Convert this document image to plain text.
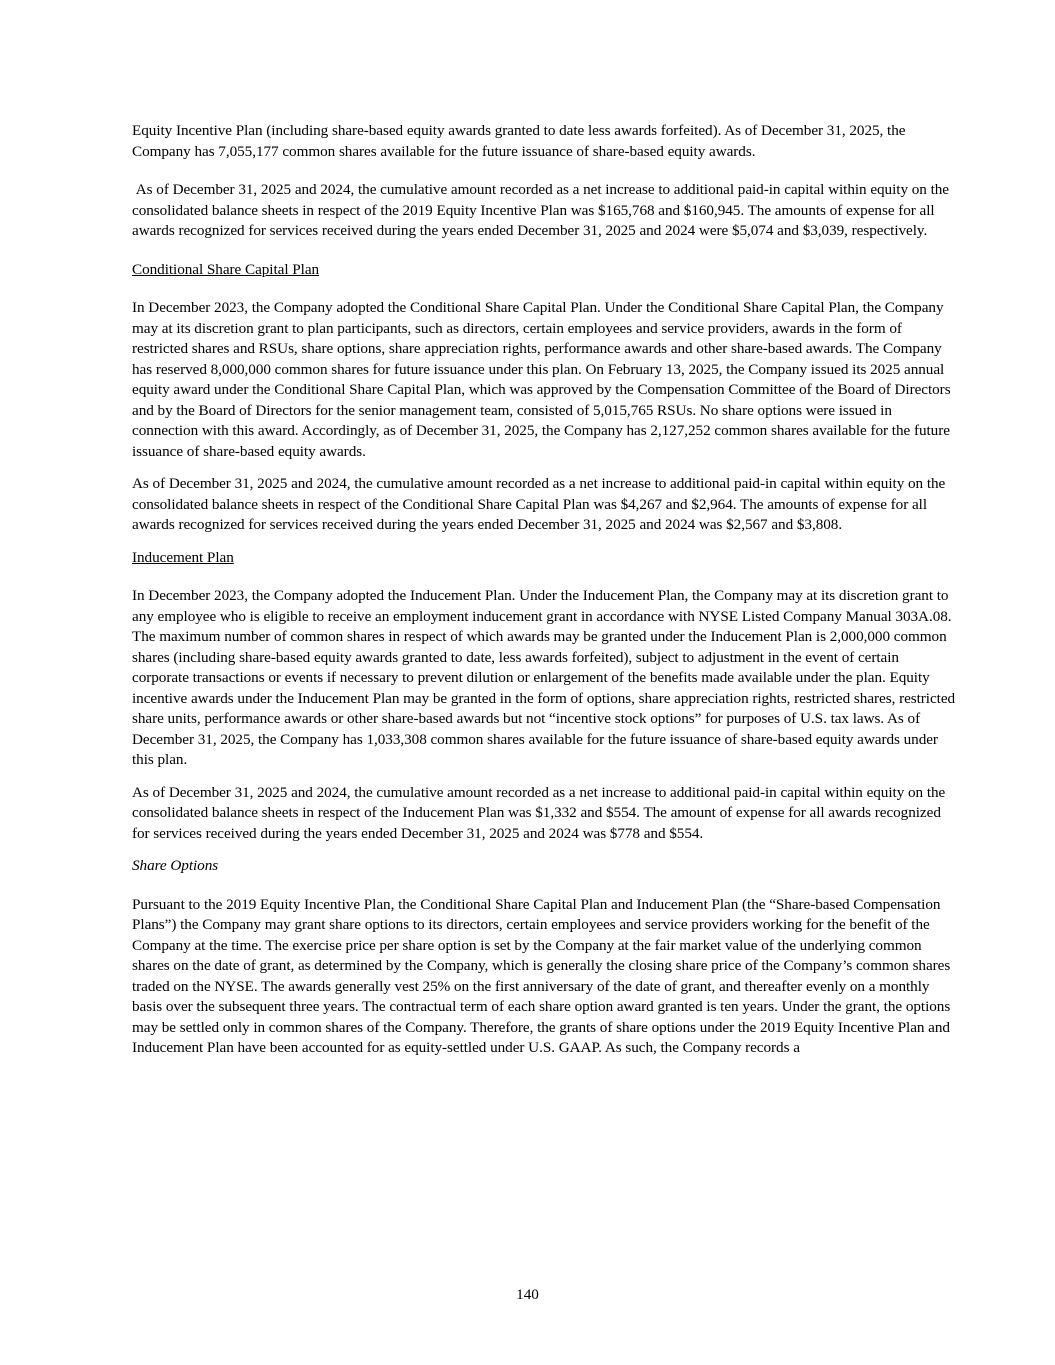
Equity Incentive Plan (including share-based equity awards granted to date less awards forfeited). As of December 31, 2025, the Company has 7,055,177 common shares available for the future issuance of share-based equity awards.

As of December 31, 2025 and 2024, the cumulative amount recorded as a net increase to additional paid-in capital within equity on the consolidated balance sheets in respect of the 2019 Equity Incentive Plan was $165,768 and $160,945. The amounts of expense for all awards recognized for services received during the years ended December 31, 2025 and 2024 were $5,074 and $3,039, respectively.

Conditional Share Capital Plan

In December 2023, the Company adopted the Conditional Share Capital Plan. Under the Conditional Share Capital Plan, the Company may at its discretion grant to plan participants, such as directors, certain employees and service providers, awards in the form of restricted shares and RSUs, share options, share appreciation rights, performance awards and other share-based awards. The Company has reserved 8,000,000 common shares for future issuance under this plan. On February 13, 2025, the Company issued its 2025 annual equity award under the Conditional Share Capital Plan, which was approved by the Compensation Committee of the Board of Directors and by the Board of Directors for the senior management team, consisted of 5,015,765 RSUs. No share options were issued in connection with this award. Accordingly, as of December 31, 2025, the Company has 2,127,252 common shares available for the future issuance of share-based equity awards.

As of December 31, 2025 and 2024, the cumulative amount recorded as a net increase to additional paid-in capital within equity on the consolidated balance sheets in respect of the Conditional Share Capital Plan was $4,267 and $2,964. The amounts of expense for all awards recognized for services received during the years ended December 31, 2025 and 2024 was $2,567 and $3,808.

Inducement Plan

In December 2023, the Company adopted the Inducement Plan. Under the Inducement Plan, the Company may at its discretion grant to any employee who is eligible to receive an employment inducement grant in accordance with NYSE Listed Company Manual 303A.08. The maximum number of common shares in respect of which awards may be granted under the Inducement Plan is 2,000,000 common shares (including share-based equity awards granted to date, less awards forfeited), subject to adjustment in the event of certain corporate transactions or events if necessary to prevent dilution or enlargement of the benefits made available under the plan. Equity incentive awards under the Inducement Plan may be granted in the form of options, share appreciation rights, restricted shares, restricted share units, performance awards or other share-based awards but not “incentive stock options” for purposes of U.S. tax laws. As of December 31, 2025, the Company has 1,033,308 common shares available for the future issuance of share-based equity awards under this plan.

As of December 31, 2025 and 2024, the cumulative amount recorded as a net increase to additional paid-in capital within equity on the consolidated balance sheets in respect of the Inducement Plan was $1,332 and $554. The amount of expense for all awards recognized for services received during the years ended December 31, 2025 and 2024 was $778 and $554.

Share Options

Pursuant to the 2019 Equity Incentive Plan, the Conditional Share Capital Plan and Inducement Plan (the “Share-based Compensation Plans”) the Company may grant share options to its directors, certain employees and service providers working for the benefit of the Company at the time. The exercise price per share option is set by the Company at the fair market value of the underlying common shares on the date of grant, as determined by the Company, which is generally the closing share price of the Company’s common shares traded on the NYSE. The awards generally vest 25% on the first anniversary of the date of grant, and thereafter evenly on a monthly basis over the subsequent three years. The contractual term of each share option award granted is ten years. Under the grant, the options may be settled only in common shares of the Company. Therefore, the grants of share options under the 2019 Equity Incentive Plan and Inducement Plan have been accounted for as equity-settled under U.S. GAAP. As such, the Company records a

140
